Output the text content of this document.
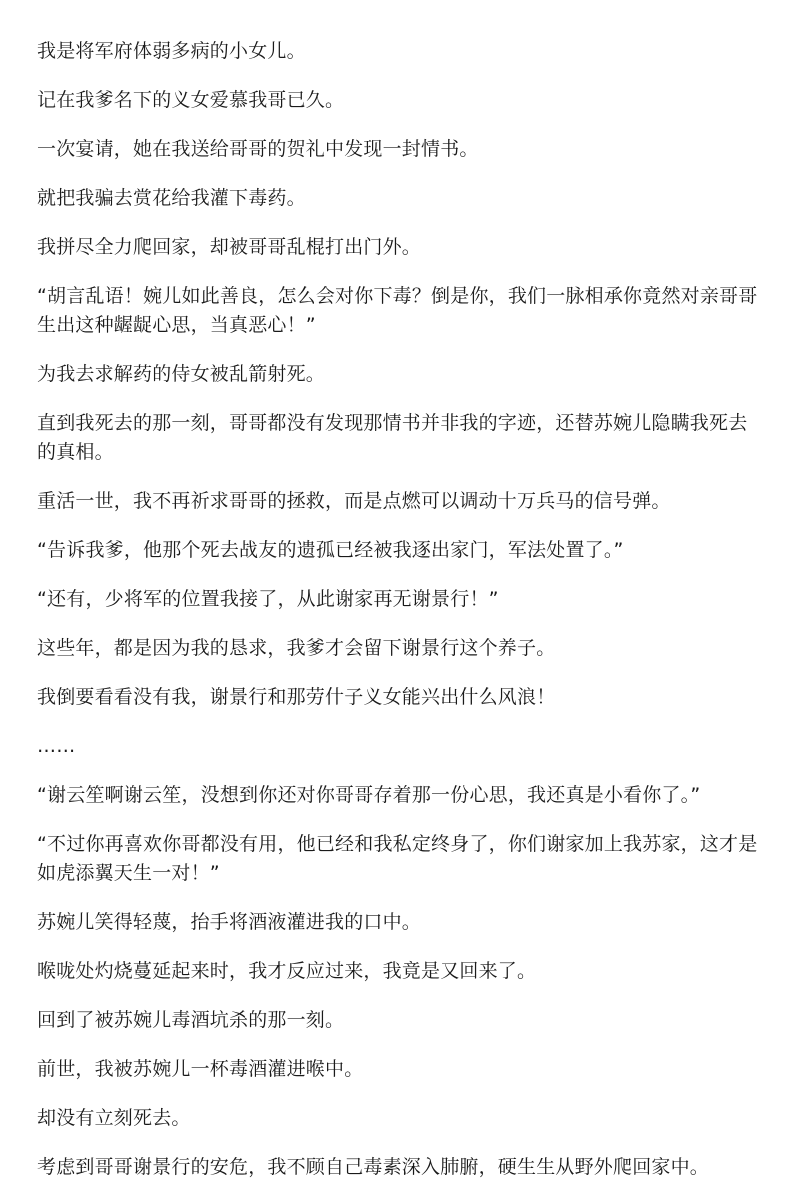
我是将军府体弱多病的小女儿。

记在我爹名下的义女爱慕我哥已久。

一次宴请，她在我送给哥哥的贺礼中发现一封情书。

就把我骗去赏花给我灌下毒药。

我拼尽全力爬回家，却被哥哥乱棍打出门外。

“胡言乱语！婉儿如此善良，怎么会对你下毒？倒是你，我们一脉相承你竟然对亲哥哥生出这种龌龊心思，当真恶心！”

为我去求解药的侍女被乱箭射死。

直到我死去的那一刻，哥哥都没有发现那情书并非我的字迹，还替苏婉儿隐瞒我死去的真相。

重活一世，我不再祈求哥哥的拯救，而是点燃可以调动十万兵马的信号弹。

“告诉我爹，他那个死去战友的遗孤已经被我逐出家门，军法处置了。”

“还有，少将军的位置我接了，从此谢家再无谢景行！”

这些年，都是因为我的恳求，我爹才会留下谢景行这个养子。

我倒要看看没有我，谢景行和那劳什子义女能兴出什么风浪！

……

“谢云笙啊谢云笙，没想到你还对你哥哥存着那一份心思，我还真是小看你了。”

“不过你再喜欢你哥都没有用，他已经和我私定终身了，你们谢家加上我苏家，这才是如虎添翼天生一对！”

苏婉儿笑得轻蔑，抬手将酒液灌进我的口中。

喉咙处灼烧蔓延起来时，我才反应过来，我竟是又回来了。

回到了被苏婉儿毒酒坑杀的那一刻。

前世，我被苏婉儿一杯毒酒灌进喉中。

却没有立刻死去。

考虑到哥哥谢景行的安危，我不顾自己毒素深入肺腑，硬生生从野外爬回家中。
